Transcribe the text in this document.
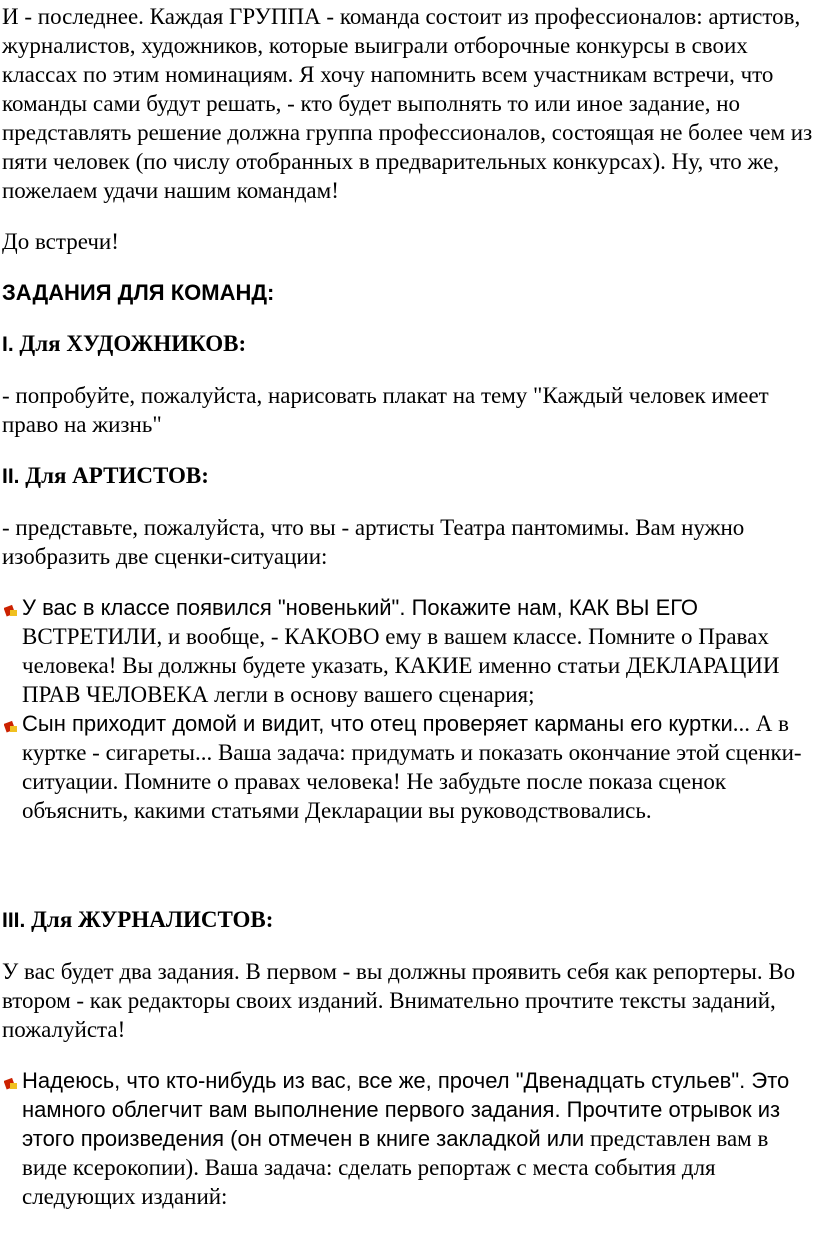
И - последнее. Каждая ГРУППА - команда состоит из профессионалов: артистов, журналистов, художников, которые выиграли отборочные конкурсы в своих классах по этим номинациям. Я хочу напомнить всем участникам встречи, что команды сами будут решать, - кто будет выполнять то или иное задание, но представлять решение должна группа профессионалов, состоящая не более чем из пяти человек (по числу отобранных в предварительных конкурсах). Ну, что же, пожелаем удачи нашим командам!

До встречи!

ЗАДАНИЯ ДЛЯ КОМАНД:

I. Для ХУДОЖНИКОВ:

- попробуйте, пожалуйста, нарисовать плакат на тему "Каждый человек имеет право на жизнь"

II. Для АРТИСТОВ:

- представьте, пожалуйста, что вы - артисты Театра пантомимы. Вам нужно изобразить две сценки-ситуации:

У вас в классе появился "новенький". Покажите нам, КАК ВЫ ЕГО ВСТРЕТИЛИ, и вообще, - КАКОВО ему в вашем классе. Помните о Правах человека! Вы должны будете указать, КАКИЕ именно статьи ДЕКЛАРАЦИИ ПРАВ ЧЕЛОВЕКА легли в основу вашего сценария;
Сын приходит домой и видит, что отец проверяет карманы его куртки... А в куртке - сигареты... Ваша задача: придумать и показать окончание этой сценки-ситуации. Помните о правах человека! Не забудьте после показа сценок объяснить, какими статьями Декларации вы руководствовались.

III. Для ЖУРНАЛИСТОВ:

У вас будет два задания. В первом - вы должны проявить себя как репортеры. Во втором - как редакторы своих изданий. Внимательно прочтите тексты заданий, пожалуйста!

Надеюсь, что кто-нибудь из вас, все же, прочел "Двенадцать стульев". Это намного облегчит вам выполнение первого задания. Прочтите отрывок из этого произведения (он отмечен в книге закладкой или представлен вам в виде ксерокопии). Ваша задача: сделать репортаж с места события для следующих изданий:
